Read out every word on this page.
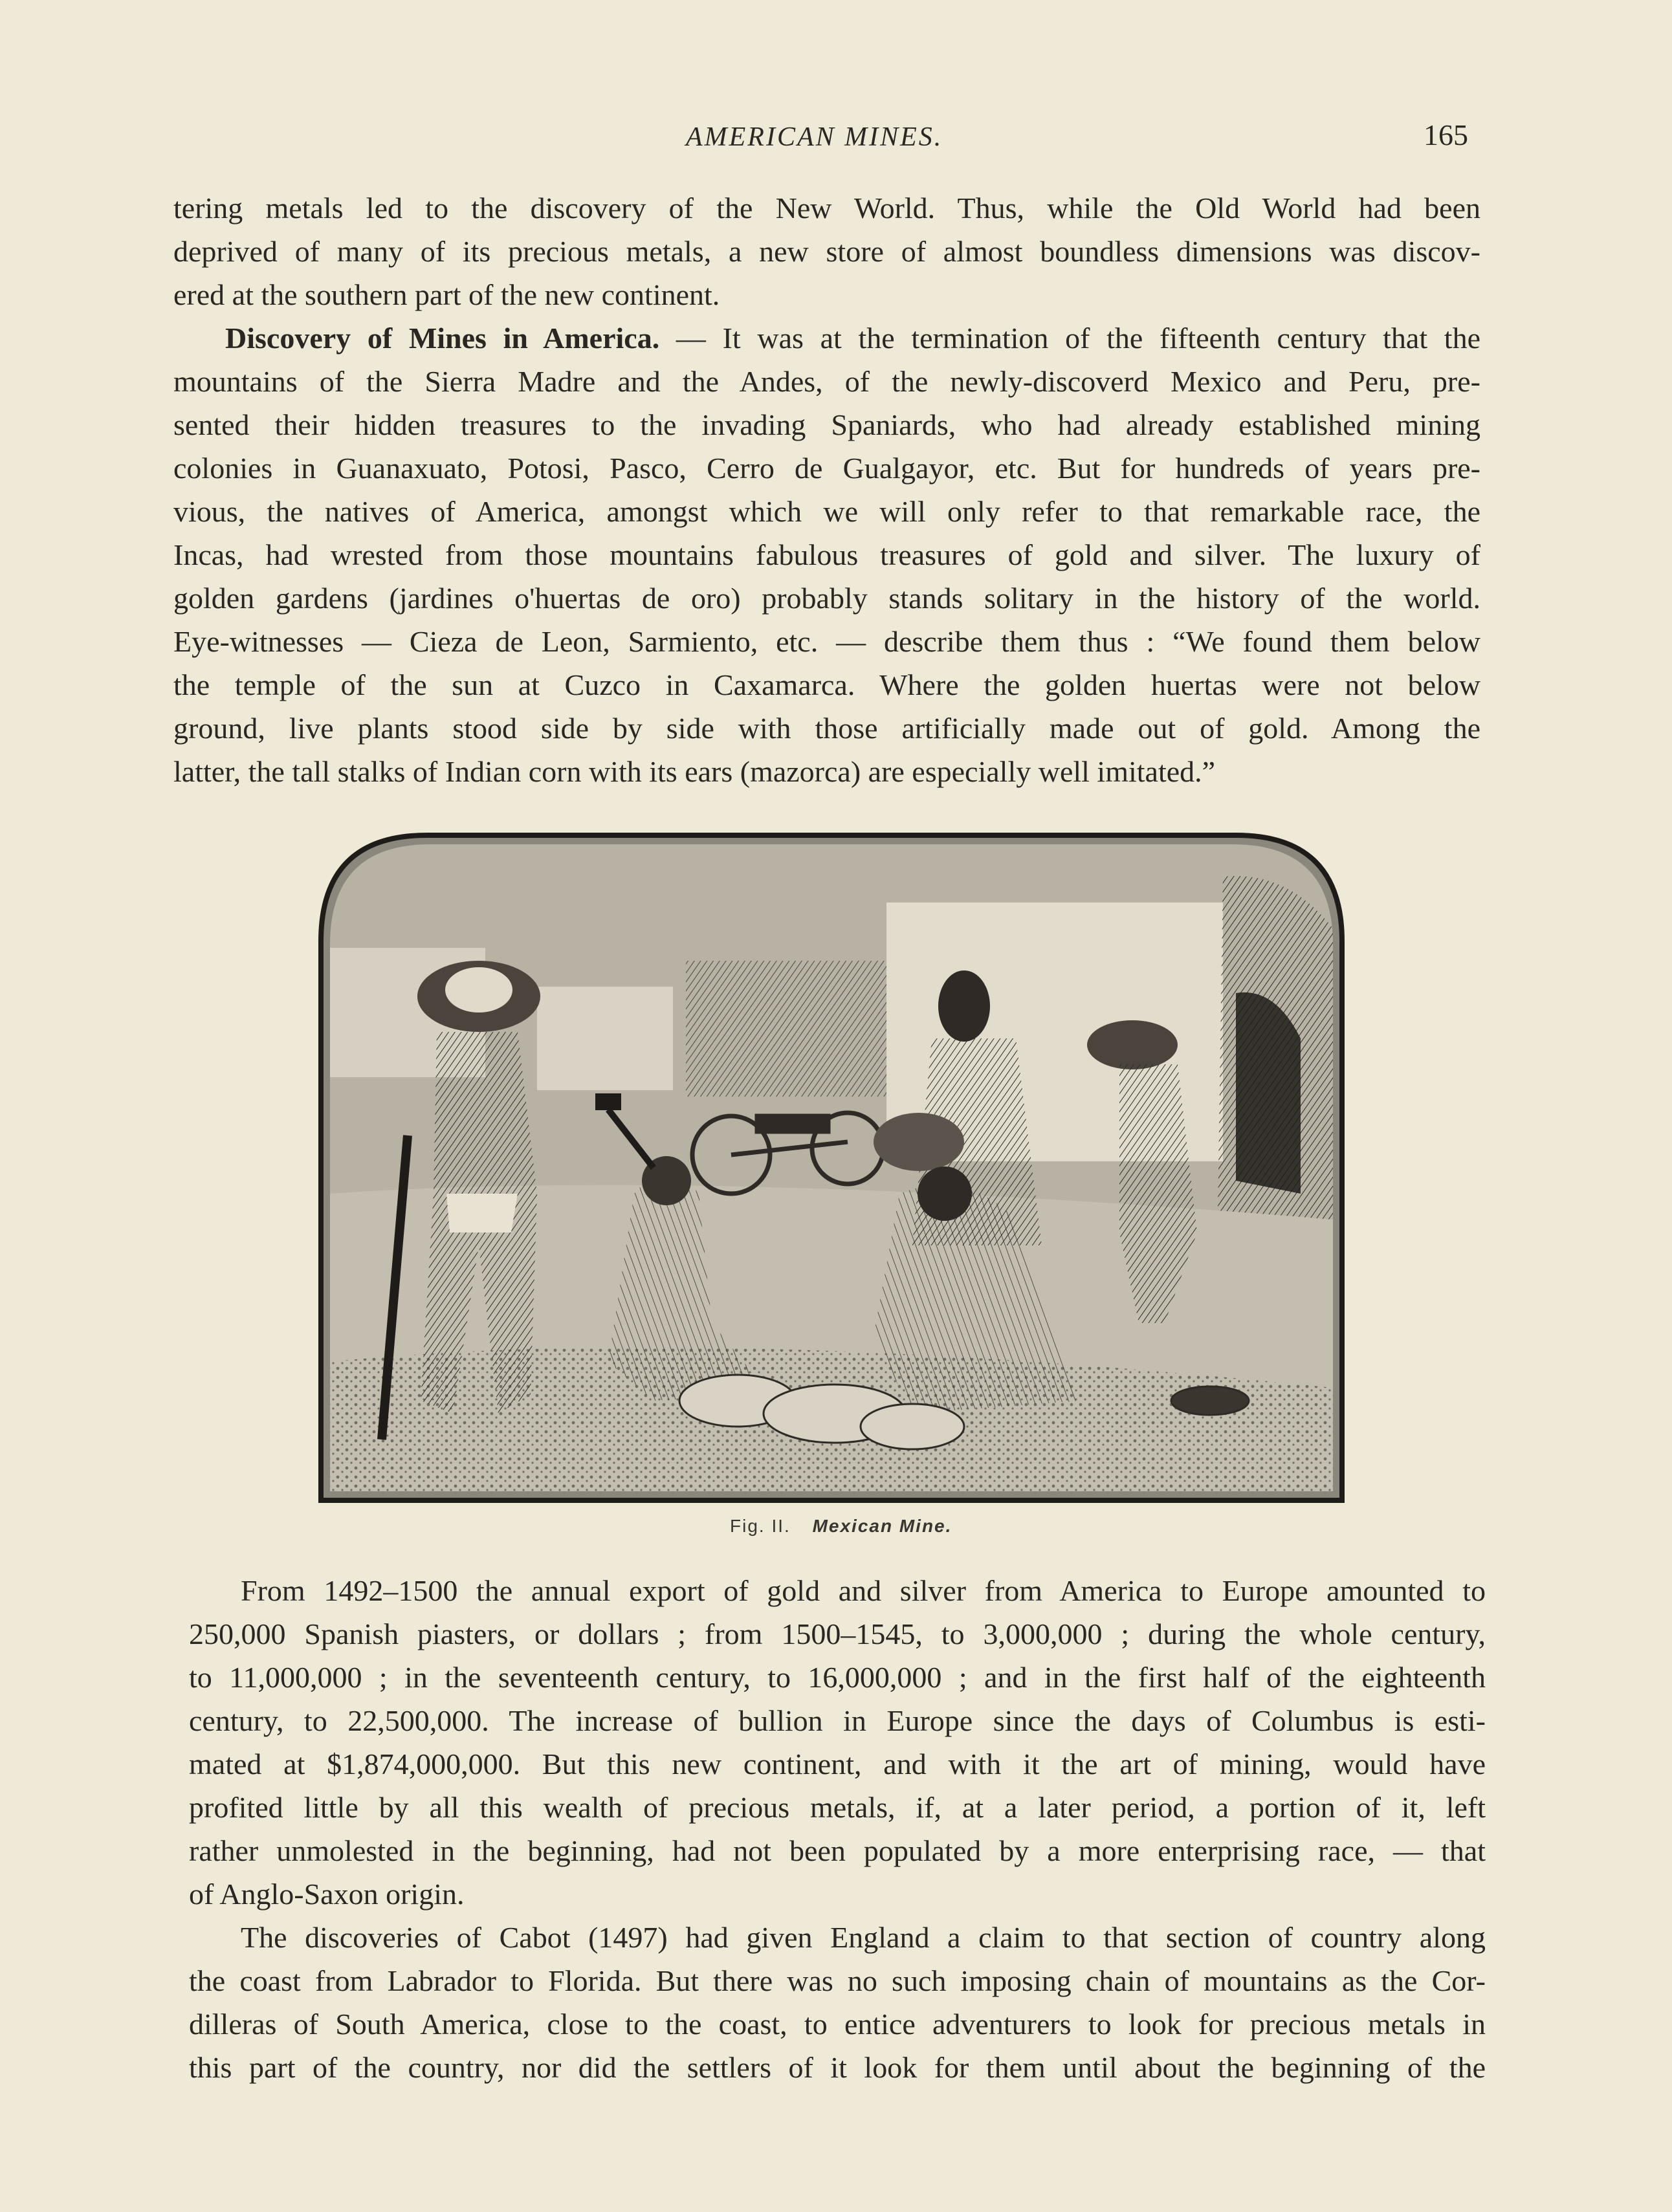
AMERICAN MINES.	165
tering metals led to the discovery of the New World. Thus, while the Old World had been
deprived of many of its precious metals, a new store of almost boundless dimensions was discov-
ered at the southern part of the new continent.
Discovery of Mines in America. — It was at the termination of the fifteenth century that the
mountains of the Sierra Madre and the Andes, of the newly-discoverd Mexico and Peru, pre-
sented their hidden treasures to the invading Spaniards, who had already established mining
colonies in Guanaxuato, Potosi, Pasco, Cerro de Gualgayor, etc. But for hundreds of years pre-
vious, the natives of America, amongst which we will only refer to that remarkable race, the
Incas, had wrested from those mountains fabulous treasures of gold and silver. The luxury of
golden gardens (jardines o'huertas de oro) probably stands solitary in the history of the world.
Eye-witnesses — Cieza de Leon, Sarmiento, etc. — describe them thus : “We found them below
the temple of the sun at Cuzco in Caxamarca. Where the golden huertas were not below
ground, live plants stood side by side with those artificially made out of gold. Among the
latter, the tall stalks of Indian corn with its ears (mazorca) are especially well imitated.”
Fig. II. Mexican Mine.
From 1492–1500 the annual export of gold and silver from America to Europe amounted to
250,000 Spanish piasters, or dollars ; from 1500–1545, to 3,000,000 ; during the whole century,
to 11,000,000 ; in the seventeenth century, to 16,000,000 ; and in the first half of the eighteenth
century, to 22,500,000. The increase of bullion in Europe since the days of Columbus is esti-
mated at $1,874,000,000. But this new continent, and with it the art of mining, would have
profited little by all this wealth of precious metals, if, at a later period, a portion of it, left
rather unmolested in the beginning, had not been populated by a more enterprising race, — that
of Anglo-Saxon origin.
The discoveries of Cabot (1497) had given England a claim to that section of country along
the coast from Labrador to Florida. But there was no such imposing chain of mountains as the Cor-
dilleras of South America, close to the coast, to entice adventurers to look for precious metals in
this part of the country, nor did the settlers of it look for them until about the beginning of the
